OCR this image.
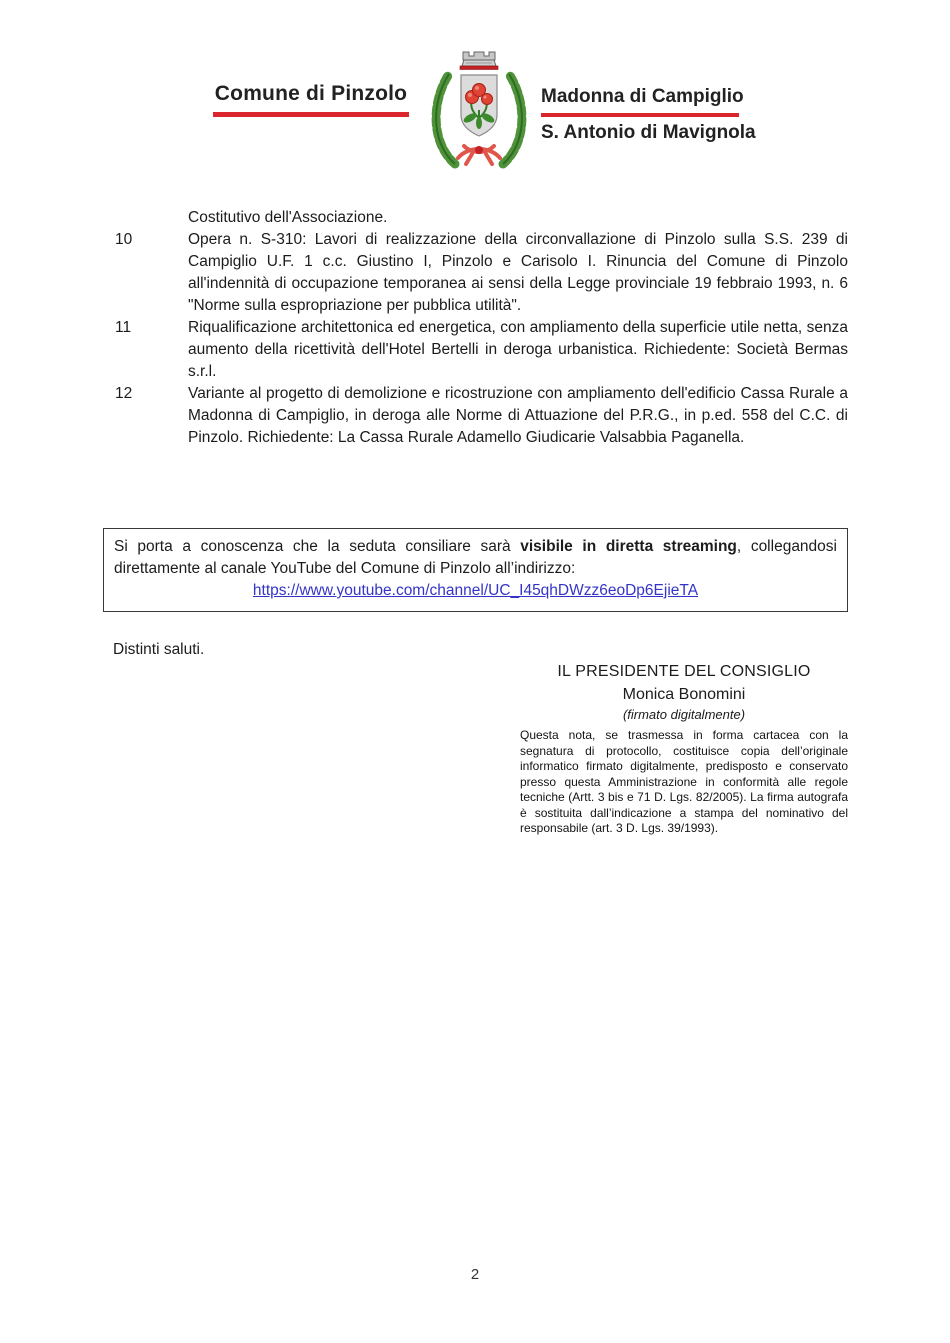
Comune di Pinzolo	Madonna di Campiglio
S. Antonio di Mavignola
Costitutivo dell'Associazione.
10	Opera n. S-310: Lavori di realizzazione della circonvallazione di Pinzolo sulla S.S. 239 di Campiglio U.F. 1 c.c. Giustino I, Pinzolo e Carisolo I. Rinuncia del Comune di Pinzolo all'indennità di occupazione temporanea ai sensi della Legge provinciale 19 febbraio 1993, n. 6 "Norme sulla espropriazione per pubblica utilità".
11	Riqualificazione architettonica ed energetica, con ampliamento della superficie utile netta, senza aumento della ricettività dell'Hotel Bertelli in deroga urbanistica. Richiedente: Società Bermas s.r.l.
12	Variante al progetto di demolizione e ricostruzione con ampliamento dell'edificio Cassa Rurale a Madonna di Campiglio, in deroga alle Norme di Attuazione del P.R.G., in p.ed. 558 del C.C. di Pinzolo. Richiedente: La Cassa Rurale Adamello Giudicarie Valsabbia Paganella.
Si porta a conoscenza che la seduta consiliare sarà visibile in diretta streaming, collegandosi direttamente al canale YouTube del Comune di Pinzolo all’indirizzo:
https://www.youtube.com/channel/UC_I45qhDWzz6eoDp6EjieTA
Distinti saluti.
IL PRESIDENTE DEL CONSIGLIO
Monica Bonomini
(firmato digitalmente)
Questa nota, se trasmessa in forma cartacea con la segnatura di protocollo, costituisce copia dell’originale informatico firmato digitalmente, predisposto e conservato presso questa Amministrazione in conformità alle regole tecniche (Artt. 3 bis e 71 D. Lgs. 82/2005). La firma autografa è sostituita dall’indicazione a stampa del nominativo del responsabile (art. 3 D. Lgs. 39/1993).
2
